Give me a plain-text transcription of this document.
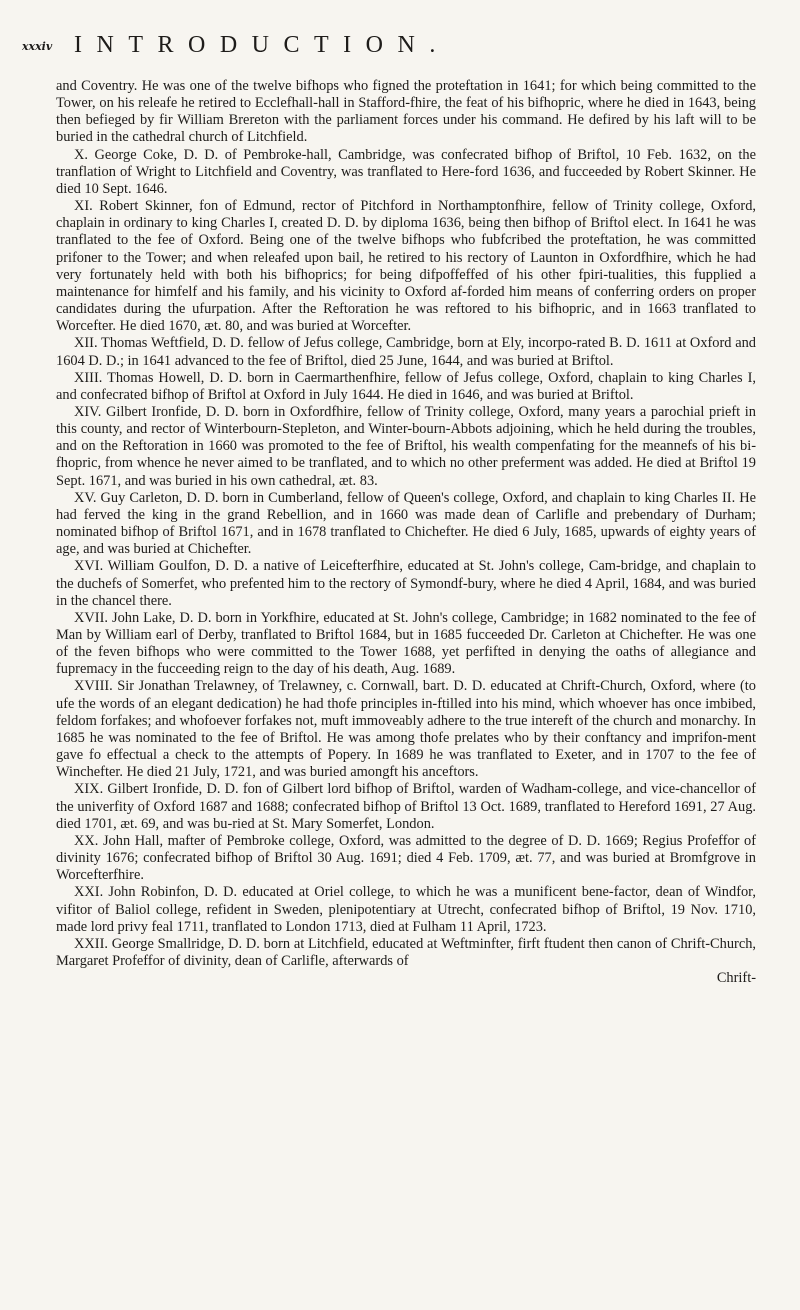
xxxiv INTRODUCTION.

and Coventry. He was one of the twelve bifhops who figned the proteftation in 1641; for which being committed to the Tower, on his releafe he retired to Ecclefhall-hall in Stafford-fhire, the feat of his bifhopric, where he died in 1643, being then befieged by fir William Brereton with the parliament forces under his command. He defired by his laft will to be buried in the cathedral church of Litchfield.

X. George Coke, D. D. of Pembroke-hall, Cambridge, was confecrated bifhop of Briftol, 10 Feb. 1632, on the tranflation of Wright to Litchfield and Coventry, was tranflated to Here-ford 1636, and fucceeded by Robert Skinner. He died 10 Sept. 1646.

XI. Robert Skinner, fon of Edmund, rector of Pitchford in Northamptonfhire, fellow of Trinity college, Oxford, chaplain in ordinary to king Charles I, created D. D. by diploma 1636, being then bifhop of Briftol elect. In 1641 he was tranflated to the fee of Oxford. Being one of the twelve bifhops who fubfcribed the proteftation, he was committed prifoner to the Tower; and when releafed upon bail, he retired to his rectory of Launton in Oxfordfhire, which he had very fortunately held with both his bifhoprics; for being difpoffeffed of his other fpiri-tualities, this fupplied a maintenance for himfelf and his family, and his vicinity to Oxford af-forded him means of conferring orders on proper candidates during the ufurpation. After the Reftoration he was reftored to his bifhopric, and in 1663 tranflated to Worcefter. He died 1670, æt. 80, and was buried at Worcefter.

XII. Thomas Weftfield, D. D. fellow of Jefus college, Cambridge, born at Ely, incorpo-rated B. D. 1611 at Oxford and 1604 D. D.; in 1641 advanced to the fee of Briftol, died 25 June, 1644, and was buried at Briftol.

XIII. Thomas Howell, D. D. born in Caermarthenfhire, fellow of Jefus college, Oxford, chaplain to king Charles I, and confecrated bifhop of Briftol at Oxford in July 1644. He died in 1646, and was buried at Briftol.

XIV. Gilbert Ironfide, D. D. born in Oxfordfhire, fellow of Trinity college, Oxford, many years a parochial prieft in this county, and rector of Winterbourn-Stepleton, and Winter-bourn-Abbots adjoining, which he held during the troubles, and on the Reftoration in 1660 was promoted to the fee of Briftol, his wealth compenfating for the meannefs of his bi-fhopric, from whence he never aimed to be tranflated, and to which no other preferment was added. He died at Briftol 19 Sept. 1671, and was buried in his own cathedral, æt. 83.

XV. Guy Carleton, D. D. born in Cumberland, fellow of Queen's college, Oxford, and chaplain to king Charles II. He had ferved the king in the grand Rebellion, and in 1660 was made dean of Carlifle and prebendary of Durham; nominated bifhop of Briftol 1671, and in 1678 tranflated to Chichefter. He died 6 July, 1685, upwards of eighty years of age, and was buried at Chichefter.

XVI. William Goulfon, D. D. a native of Leicefterfhire, educated at St. John's college, Cam-bridge, and chaplain to the duchefs of Somerfet, who prefented him to the rectory of Symondf-bury, where he died 4 April, 1684, and was buried in the chancel there.

XVII. John Lake, D. D. born in Yorkfhire, educated at St. John's college, Cambridge; in 1682 nominated to the fee of Man by William earl of Derby, tranflated to Briftol 1684, but in 1685 fucceeded Dr. Carleton at Chichefter. He was one of the feven bifhops who were committed to the Tower 1688, yet perfifted in denying the oaths of allegiance and fupremacy in the fucceeding reign to the day of his death, Aug. 1689.

XVIII. Sir Jonathan Trelawney, of Trelawney, c. Cornwall, bart. D. D. educated at Chrift-Church, Oxford, where (to ufe the words of an elegant dedication) he had thofe principles in-ftilled into his mind, which whoever has once imbibed, feldom forfakes; and whofoever forfakes not, muft immoveably adhere to the true intereft of the church and monarchy. In 1685 he was nominated to the fee of Briftol. He was among thofe prelates who by their conftancy and imprifon-ment gave fo effectual a check to the attempts of Popery. In 1689 he was tranflated to Exeter, and in 1707 to the fee of Winchefter. He died 21 July, 1721, and was buried amongft his anceftors.

XIX. Gilbert Ironfide, D. D. fon of Gilbert lord bifhop of Briftol, warden of Wadham-college, and vice-chancellor of the univerfity of Oxford 1687 and 1688; confecrated bifhop of Briftol 13 Oct. 1689, tranflated to Hereford 1691, 27 Aug. died 1701, æt. 69, and was bu-ried at St. Mary Somerfet, London.

XX. John Hall, mafter of Pembroke college, Oxford, was admitted to the degree of D. D. 1669; Regius Profeffor of divinity 1676; confecrated bifhop of Briftol 30 Aug. 1691; died 4 Feb. 1709, æt. 77, and was buried at Bromfgrove in Worcefterfhire.

XXI. John Robinfon, D. D. educated at Oriel college, to which he was a munificent bene-factor, dean of Windfor, vifitor of Baliol college, refident in Sweden, plenipotentiary at Utrecht, confecrated bifhop of Briftol, 19 Nov. 1710, made lord privy feal 1711, tranflated to London 1713, died at Fulham 11 April, 1723.

XXII. George Smallridge, D. D. born at Litchfield, educated at Weftminfter, firft ftudent then canon of Chrift-Church, Margaret Profeffor of divinity, dean of Carlifle, afterwards of

Chrift-
